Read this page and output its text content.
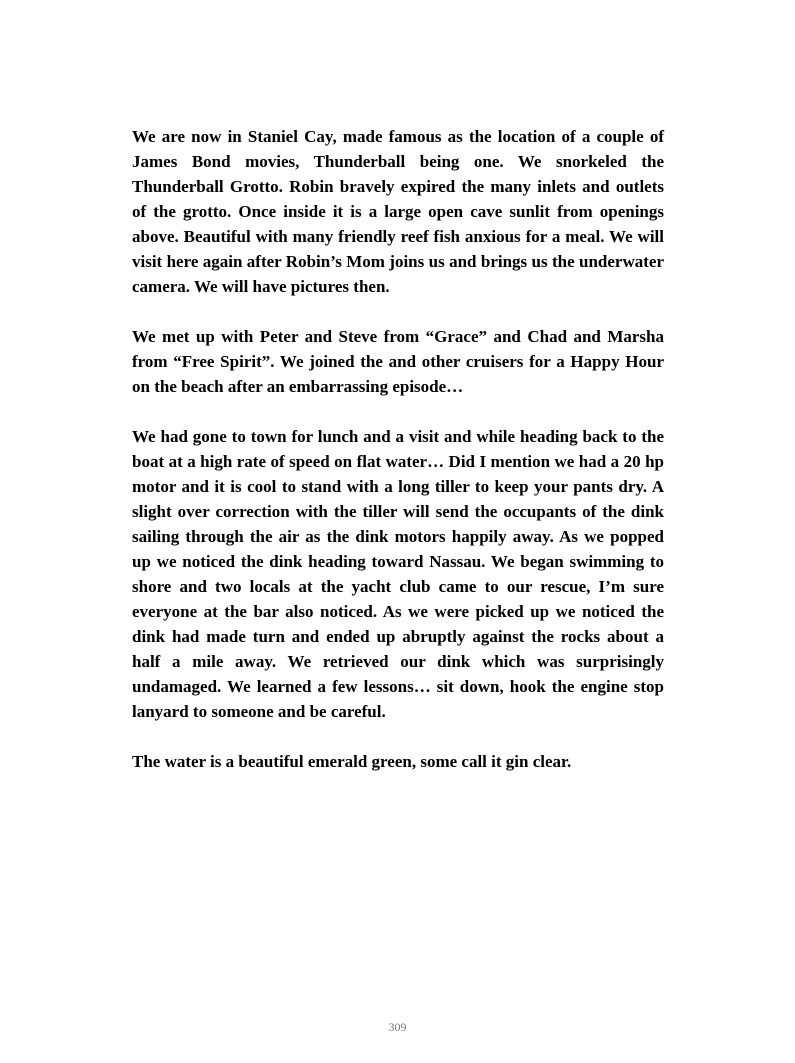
We are now in Staniel Cay, made famous as the location of a couple of James Bond movies, Thunderball being one. We snorkeled the Thunderball Grotto. Robin bravely expired the many inlets and outlets of the grotto. Once inside it is a large open cave sunlit from openings above. Beautiful with many friendly reef fish anxious for a meal. We will visit here again after Robin’s Mom joins us and brings us the underwater camera. We will have pictures then.

We met up with Peter and Steve from “Grace” and Chad and Marsha from “Free Spirit”. We joined the and other cruisers for a Happy Hour on the beach after an embarrassing episode…

We had gone to town for lunch and a visit and while heading back to the boat at a high rate of speed on flat water… Did I mention we had a 20 hp motor and it is cool to stand with a long tiller to keep your pants dry. A slight over correction with the tiller will send the occupants of the dink sailing through the air as the dink motors happily away. As we popped up we noticed the dink heading toward Nassau. We began swimming to shore and two locals at the yacht club came to our rescue, I’m sure everyone at the bar also noticed. As we were picked up we noticed the dink had made turn and ended up abruptly against the rocks about a half a mile away. We retrieved our dink which was surprisingly undamaged. We learned a few lessons… sit down, hook the engine stop lanyard to someone and be careful.

The water is a beautiful emerald green, some call it gin clear.

309
